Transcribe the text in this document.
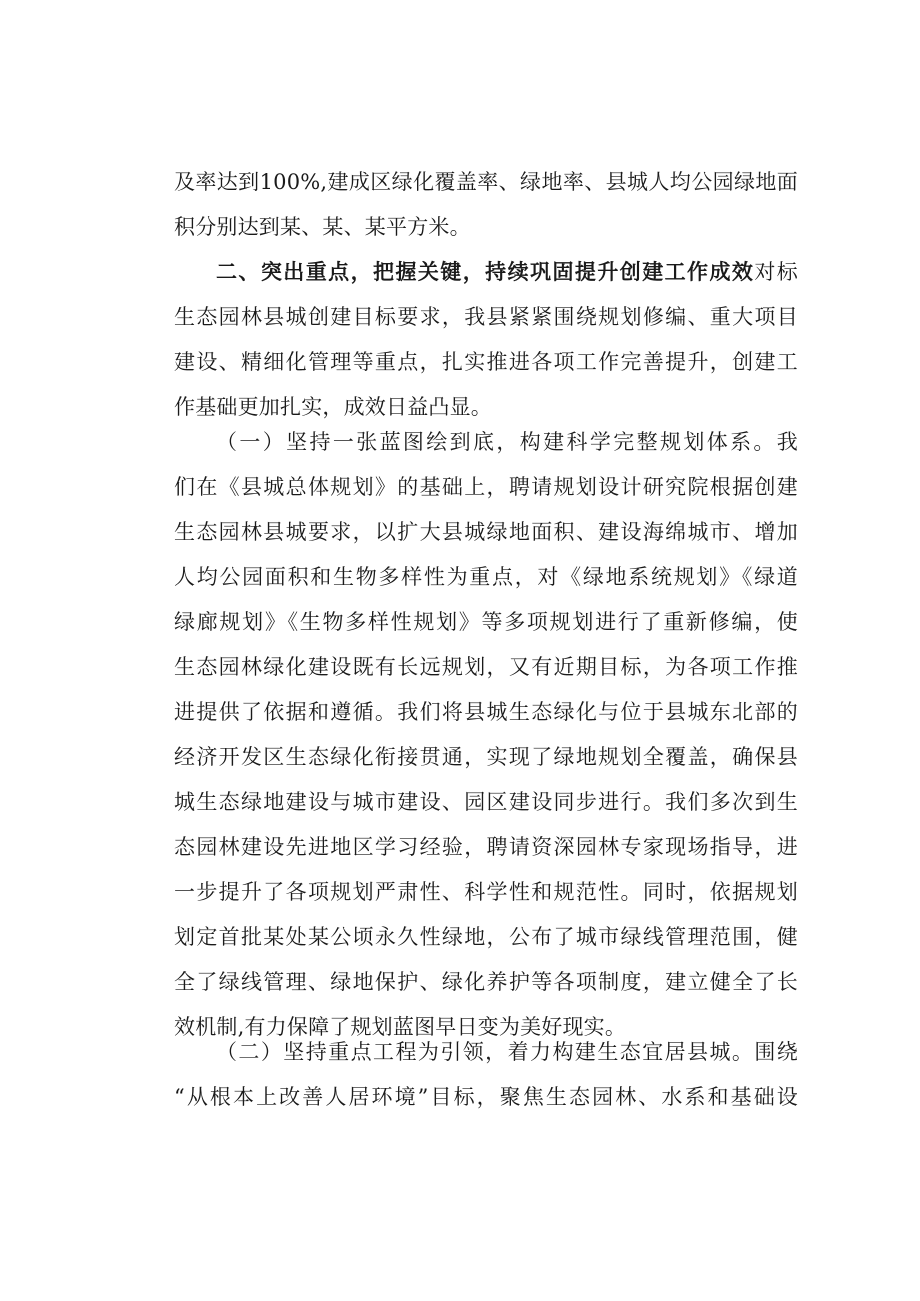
及率达到100%,建成区绿化覆盖率、绿地率、县城人均公园绿地面
积分别达到某、某、某平方米。
二、突出重点，把握关键，持续巩固提升创建工作成效对标
生态园林县城创建目标要求，我县紧紧围绕规划修编、重大项目
建设、精细化管理等重点，扎实推进各项工作完善提升，创建工
作基础更加扎实，成效日益凸显。
（一）坚持一张蓝图绘到底，构建科学完整规划体系。我
们在《县城总体规划》的基础上，聘请规划设计研究院根据创建
生态园林县城要求，以扩大县城绿地面积、建设海绵城市、增加
人均公园面积和生物多样性为重点，对《绿地系统规划》《绿道
绿廊规划》《生物多样性规划》等多项规划进行了重新修编，使
生态园林绿化建设既有长远规划，又有近期目标，为各项工作推
进提供了依据和遵循。我们将县城生态绿化与位于县城东北部的
经济开发区生态绿化衔接贯通，实现了绿地规划全覆盖，确保县
城生态绿地建设与城市建设、园区建设同步进行。我们多次到生
态园林建设先进地区学习经验，聘请资深园林专家现场指导，进
一步提升了各项规划严肃性、科学性和规范性。同时，依据规划
划定首批某处某公顷永久性绿地，公布了城市绿线管理范围，健
全了绿线管理、绿地保护、绿化养护等各项制度，建立健全了长
效机制,有力保障了规划蓝图早日变为美好现实。
（二）坚持重点工程为引领，着力构建生态宜居县城。围绕
“从根本上改善人居环境”目标，聚焦生态园林、水系和基础设
